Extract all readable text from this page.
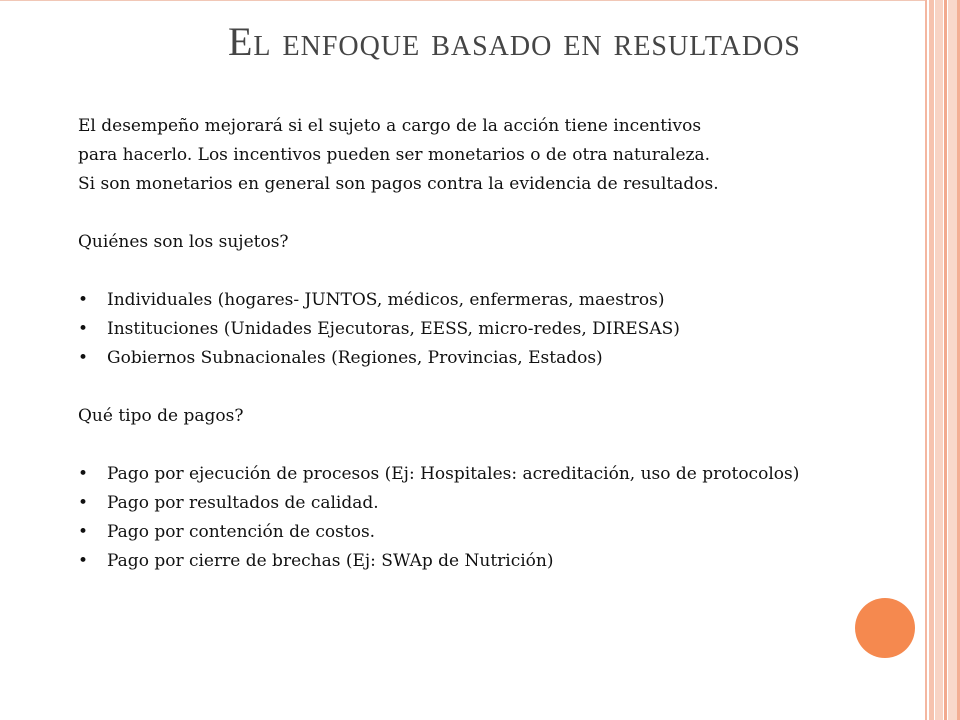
El enfoque basado en resultados

El desempeño mejorará si el sujeto a cargo de la acción tiene incentivos

para hacerlo. Los incentivos pueden ser monetarios o de otra naturaleza.

Si son monetarios en general son pagos contra la evidencia de resultados.

Quiénes son los sujetos?

• Individuales (hogares- JUNTOS, médicos, enfermeras, maestros)

• Instituciones (Unidades Ejecutoras, EESS, micro-redes, DIRESAS)

• Gobiernos Subnacionales (Regiones, Provincias, Estados)

Qué tipo de pagos?

• Pago por ejecución de procesos (Ej: Hospitales: acreditación, uso de protocolos)

• Pago por resultados de calidad.

• Pago por contención de costos.

• Pago por cierre de brechas (Ej: SWAp de Nutrición)
